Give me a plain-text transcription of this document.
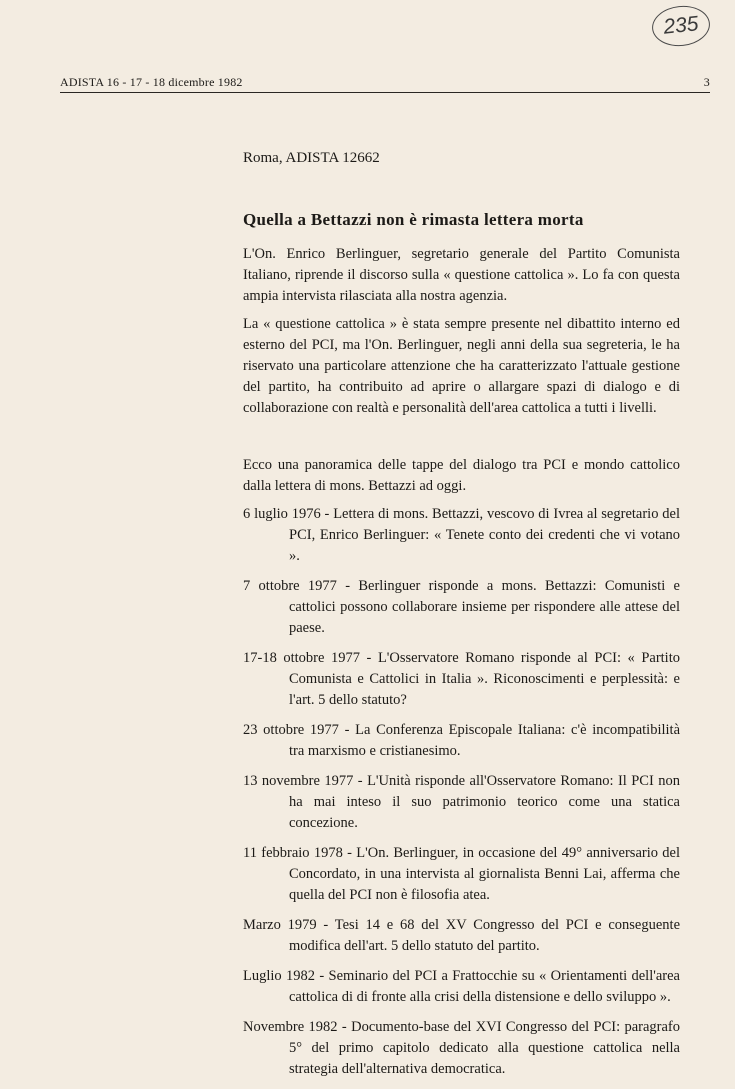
235
ADISTA 16 - 17 - 18 dicembre 1982	3

Roma, ADISTA 12662

Quella a Bettazzi non è rimasta lettera morta

L'On. Enrico Berlinguer, segretario generale del Partito Comunista Italiano, riprende il discorso sulla « questione cattolica ». Lo fa con questa ampia intervista rilasciata alla nostra agenzia.

La « questione cattolica » è stata sempre presente nel dibattito interno ed esterno del PCI, ma l'On. Berlinguer, negli anni della sua segreteria, le ha riservato una particolare attenzione che ha caratterizzato l'attuale gestione del partito, ha contribuito ad aprire o allargare spazi di dialogo e di collaborazione con realtà e personalità dell'area cattolica a tutti i livelli.

Ecco una panoramica delle tappe del dialogo tra PCI e mondo cattolico dalla lettera di mons. Bettazzi ad oggi.

6 luglio 1976 - Lettera di mons. Bettazzi, vescovo di Ivrea al segretario del PCI, Enrico Berlinguer: « Tenete conto dei credenti che vi votano ».
7 ottobre 1977 - Berlinguer risponde a mons. Bettazzi: Comunisti e cattolici possono collaborare insieme per rispondere alle attese del paese.
17-18 ottobre 1977 - L'Osservatore Romano risponde al PCI: « Partito Comunista e Cattolici in Italia ». Riconoscimenti e perplessità: e l'art. 5 dello statuto?
23 ottobre 1977 - La Conferenza Episcopale Italiana: c'è incompatibilità tra marxismo e cristianesimo.
13 novembre 1977 - L'Unità risponde all'Osservatore Romano: Il PCI non ha mai inteso il suo patrimonio teorico come una statica concezione.
11 febbraio 1978 - L'On. Berlinguer, in occasione del 49° anniversario del Concordato, in una intervista al giornalista Benni Lai, afferma che quella del PCI non è filosofia atea.
Marzo 1979 - Tesi 14 e 68 del XV Congresso del PCI e conseguente modifica dell'art. 5 dello statuto del partito.
Luglio 1982 - Seminario del PCI a Frattocchie su « Orientamenti dell'area cattolica di di fronte alla crisi della distensione e dello sviluppo ».
Novembre 1982 - Documento-base del XVI Congresso del PCI: paragrafo 5° del primo capitolo dedicato alla questione cattolica nella strategia dell'alternativa democratica.
